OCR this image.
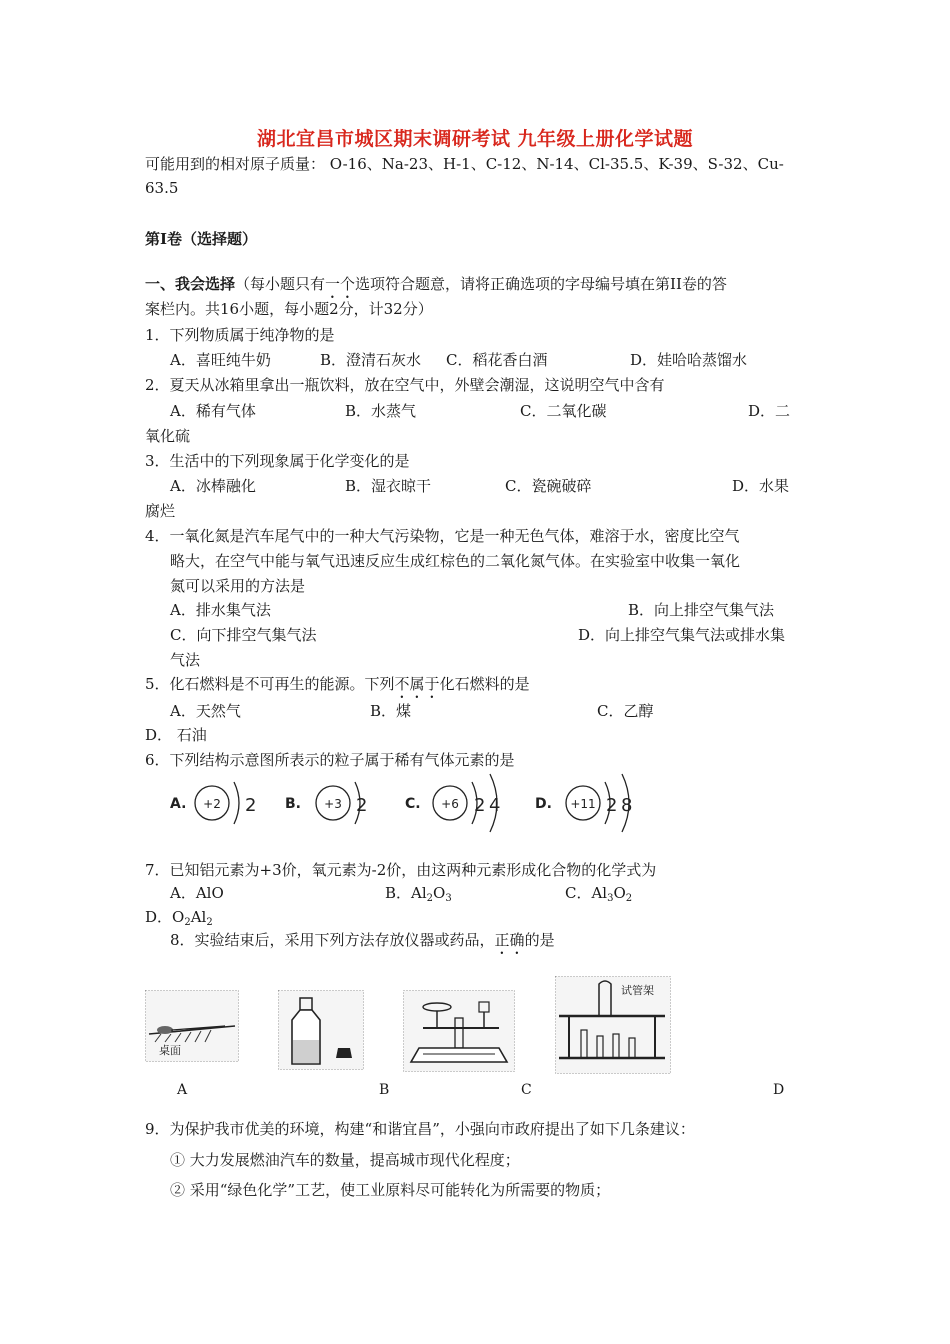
湖北宜昌市城区期末调研考试 九年级上册化学试题
可能用到的相对原子质量： O-16、Na-23、H-1、C-12、N-14、Cl-35.5、K-39、S-32、Cu-
63.5
第Ⅰ卷（选择题）
一、我会选择（每小题只有一个选项符合题意，请将正确选项的字母编号填在第II卷的答
案栏内。共16小题，每小题2分，计32分）
1．下列物质属于纯净物的是
A．喜旺纯牛奶	B．澄清石灰水 C．稻花香白酒	D．娃哈哈蒸馏水
2．夏天从冰箱里拿出一瓶饮料，放在空气中，外壁会潮湿，这说明空气中含有
A．稀有气体	B．水蒸气	C．二氧化碳	D．二
氧化硫
3．生活中的下列现象属于化学变化的是
A．冰棒融化	B．湿衣晾干	C．瓷碗破碎	D．水果
腐烂
4．一氧化氮是汽车尾气中的一种大气污染物，它是一种无色气体，难溶于水，密度比空气
略大，在空气中能与氧气迅速反应生成红棕色的二氧化氮气体。在实验室中收集一氧化
氮可以采用的方法是
A．排水集气法	B．向上排空气集气法
C．向下排空气集气法	D．向上排空气集气法或排水集
气法
5．化石燃料是不可再生的能源。下列不属于化石燃料的是
A．天然气	B．煤	C．乙醇
D． 石油
6．下列结构示意图所表示的粒子属于稀有气体元素的是
A. +2 2 B. +3 2	C. +6 2 4 D. +11 2 8
7．已知铝元素为+3价，氧元素为-2价，由这两种元素形成化合物的化学式为
A．AlO	B．$Al_2O_3$	C．$Al_3O_2$
D．$O_2Al_2$
8．实验结束后，采用下列方法存放仪器或药品，正确的是
桌面
试管架
A	B	C	D
9．为保护我市优美的环境，构建“和谐宜昌”，小强向市政府提出了如下几条建议：
① 大力发展燃油汽车的数量，提高城市现代化程度；
② 采用“绿色化学”工艺，使工业原料尽可能转化为所需要的物质；
